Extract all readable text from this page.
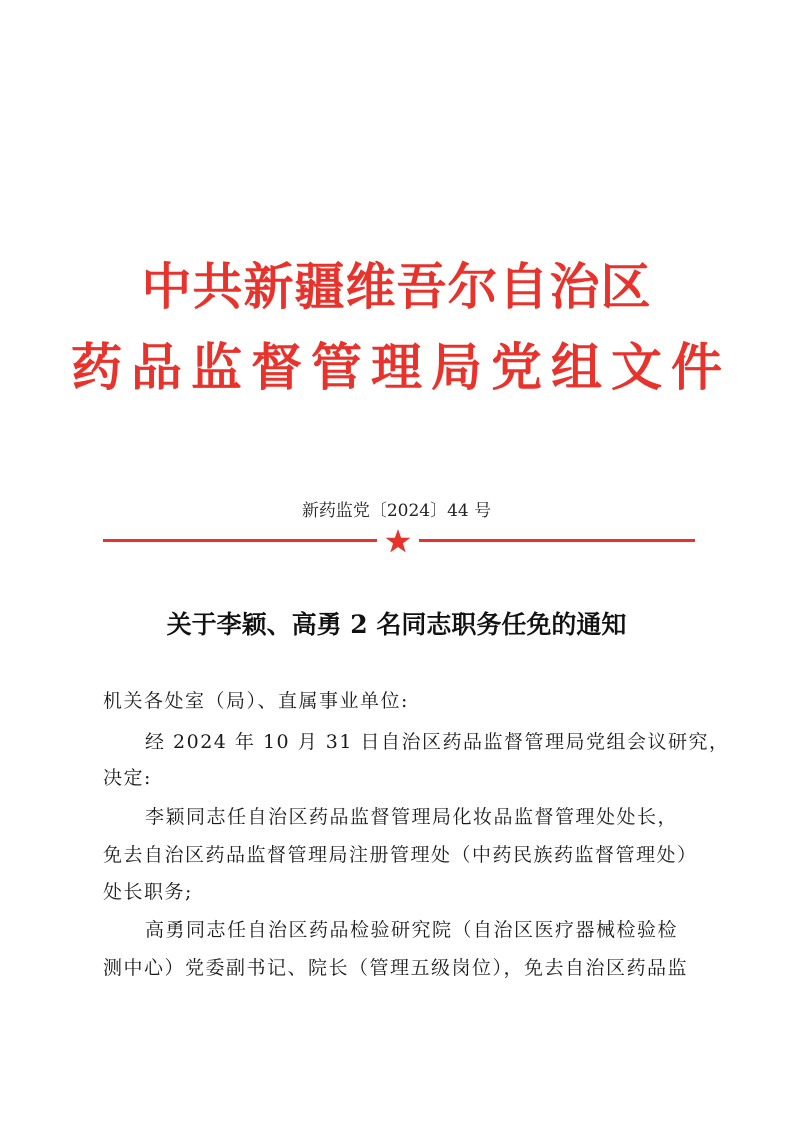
中共新疆维吾尔自治区
药品监督管理局党组文件
新药监党〔2024〕44 号
关于李颖、高勇 2 名同志职务任免的通知
机关各处室（局）、直属事业单位:
经 2024 年 10 月 31 日自治区药品监督管理局党组会议研究，
决定:
李颖同志任自治区药品监督管理局化妆品监督管理处处长，
免去自治区药品监督管理局注册管理处（中药民族药监督管理处）
处长职务;
高勇同志任自治区药品检验研究院（自治区医疗器械检验检
测中心）党委副书记、院长（管理五级岗位），免去自治区药品监
